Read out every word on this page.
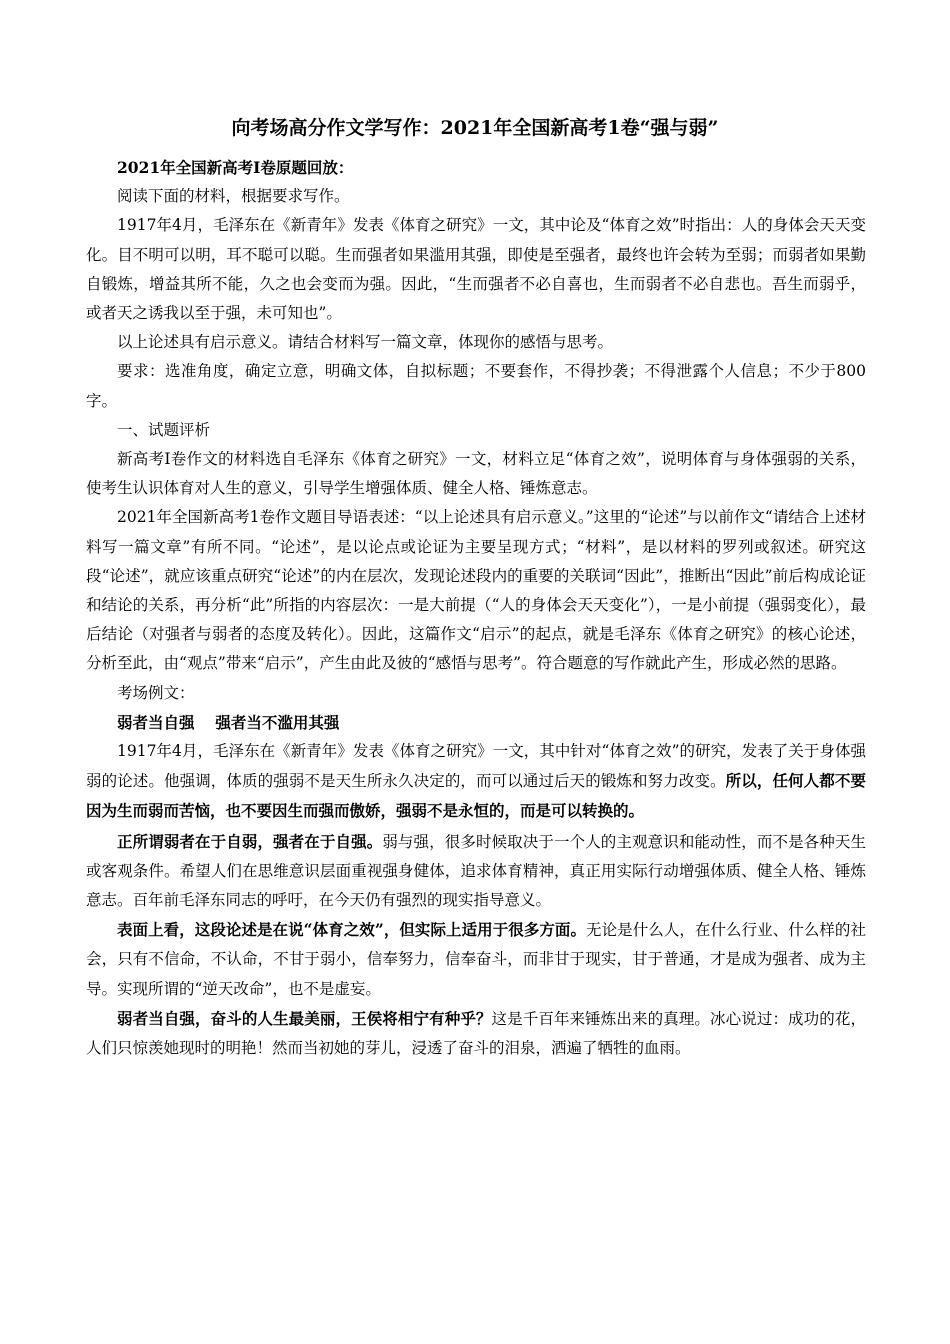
向考场高分作文学写作：2021年全国新高考1卷“强与弱”

2021年全国新高考Ⅰ卷原题回放：

阅读下面的材料，根据要求写作。

1917年4月，毛泽东在《新青年》发表《体育之研究》一文，其中论及“体育之效”时指出：人的身体会天天变化。目不明可以明，耳不聪可以聪。生而强者如果滥用其强，即使是至强者，最终也许会转为至弱；而弱者如果勤自锻炼，增益其所不能，久之也会变而为强。因此，“生而强者不必自喜也，生而弱者不必自悲也。吾生而弱乎，或者天之诱我以至于强，未可知也”。

以上论述具有启示意义。请结合材料写一篇文章，体现你的感悟与思考。

要求：选准角度，确定立意，明确文体，自拟标题；不要套作，不得抄袭；不得泄露个人信息；不少于800字。

一、试题评析

新高考Ⅰ卷作文的材料选自毛泽东《体育之研究》一文，材料立足“体育之效”，说明体育与身体强弱的关系，使考生认识体育对人生的意义，引导学生增强体质、健全人格、锤炼意志。

2021年全国新高考1卷作文题目导语表述：“以上论述具有启示意义。”这里的“论述”与以前作文“请结合上述材料写一篇文章”有所不同。“论述”，是以论点或论证为主要呈现方式；“材料”，是以材料的罗列或叙述。研究这段“论述”，就应该重点研究“论述”的内在层次，发现论述段内的重要的关联词“因此”，推断出“因此”前后构成论证和结论的关系，再分析“此”所指的内容层次：一是大前提（“人的身体会天天变化”），一是小前提（强弱变化），最后结论（对强者与弱者的态度及转化）。因此，这篇作文“启示”的起点，就是毛泽东《体育之研究》的核心论述，分析至此，由“观点”带来“启示”，产生由此及彼的“感悟与思考”。符合题意的写作就此产生，形成必然的思路。

考场例文：

弱者当自强　 强者当不滥用其强

1917年4月，毛泽东在《新青年》发表《体育之研究》一文，其中针对“体育之效”的研究，发表了关于身体强弱的论述。他强调，体质的强弱不是天生所永久决定的，而可以通过后天的锻炼和努力改变。所以，任何人都不要因为生而弱而苦恼，也不要因生而强而傲娇，强弱不是永恒的，而是可以转换的。

正所谓弱者在于自弱，强者在于自强。弱与强，很多时候取决于一个人的主观意识和能动性，而不是各种天生或客观条件。希望人们在思维意识层面重视强身健体，追求体育精神，真正用实际行动增强体质、健全人格、锤炼意志。百年前毛泽东同志的呼吁，在今天仍有强烈的现实指导意义。

表面上看，这段论述是在说“体育之效”，但实际上适用于很多方面。无论是什么人，在什么行业、什么样的社会，只有不信命，不认命，不甘于弱小，信奉努力，信奉奋斗，而非甘于现实，甘于普通，才是成为强者、成为主导。实现所谓的“逆天改命”，也不是虚妄。

弱者当自强，奋斗的人生最美丽，王侯将相宁有种乎？这是千百年来锤炼出来的真理。冰心说过：成功的花，人们只惊羡她现时的明艳！然而当初她的芽儿，浸透了奋斗的泪泉，洒遍了牺牲的血雨。
